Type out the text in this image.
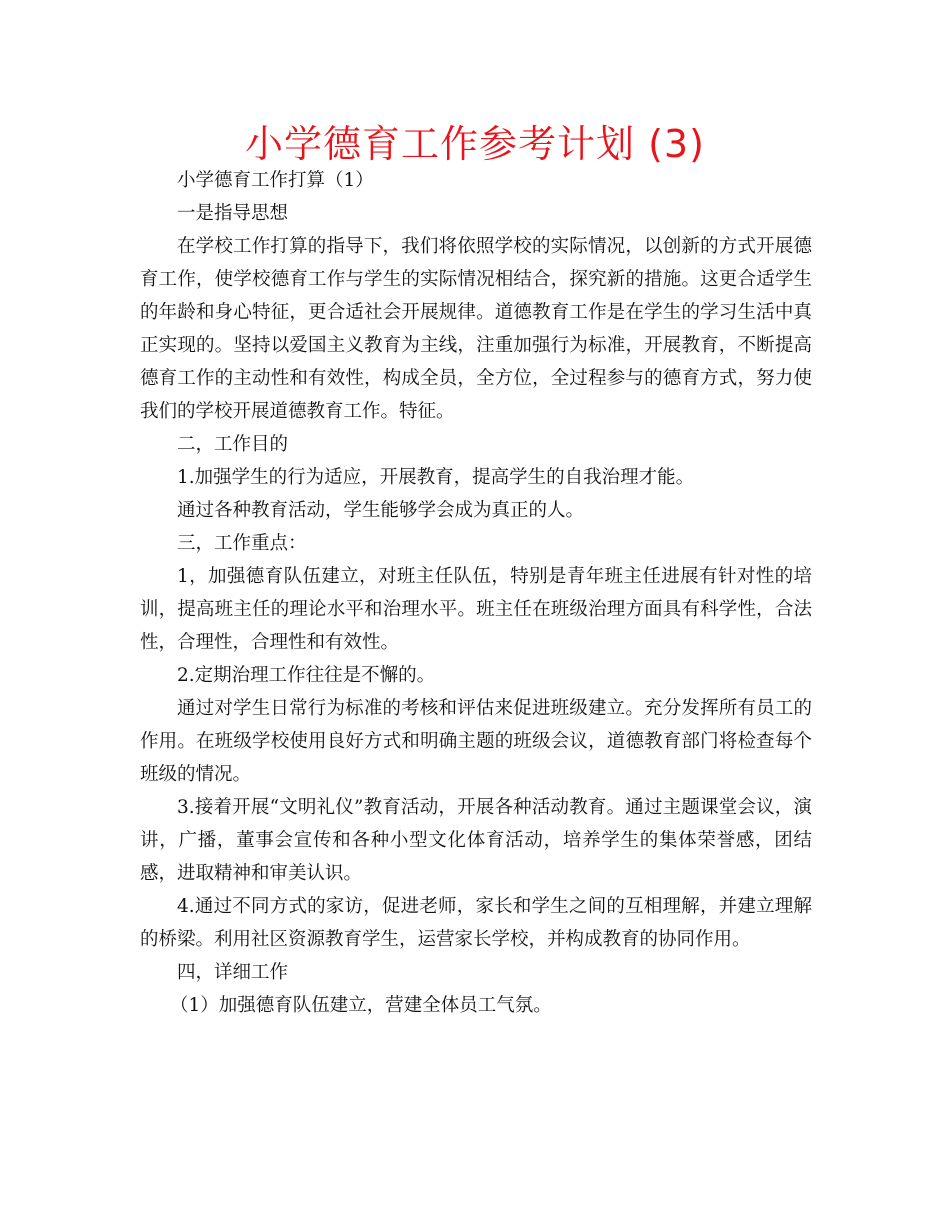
小学德育工作参考计划 (3)

小学德育工作打算（1）

一是指导思想

在学校工作打算的指导下，我们将依照学校的实际情况，以创新的方式开展德育工作，使学校德育工作与学生的实际情况相结合，探究新的措施。这更合适学生的年龄和身心特征，更合适社会开展规律。道德教育工作是在学生的学习生活中真正实现的。坚持以爱国主义教育为主线，注重加强行为标准，开展教育，不断提高德育工作的主动性和有效性，构成全员，全方位，全过程参与的德育方式，努力使我们的学校开展道德教育工作。特征。

二，工作目的

1.加强学生的行为适应，开展教育，提高学生的自我治理才能。

通过各种教育活动，学生能够学会成为真正的人。

三，工作重点：

1，加强德育队伍建立，对班主任队伍，特别是青年班主任进展有针对性的培训，提高班主任的理论水平和治理水平。班主任在班级治理方面具有科学性，合法性，合理性，合理性和有效性。

2.定期治理工作往往是不懈的。

通过对学生日常行为标准的考核和评估来促进班级建立。充分发挥所有员工的作用。在班级学校使用良好方式和明确主题的班级会议，道德教育部门将检查每个班级的情况。

3.接着开展“文明礼仪”教育活动，开展各种活动教育。通过主题课堂会议，演讲，广播，董事会宣传和各种小型文化体育活动，培养学生的集体荣誉感，团结感，进取精神和审美认识。

4.通过不同方式的家访，促进老师，家长和学生之间的互相理解，并建立理解的桥梁。利用社区资源教育学生，运营家长学校，并构成教育的协同作用。

四，详细工作

（1）加强德育队伍建立，营建全体员工气氛。
